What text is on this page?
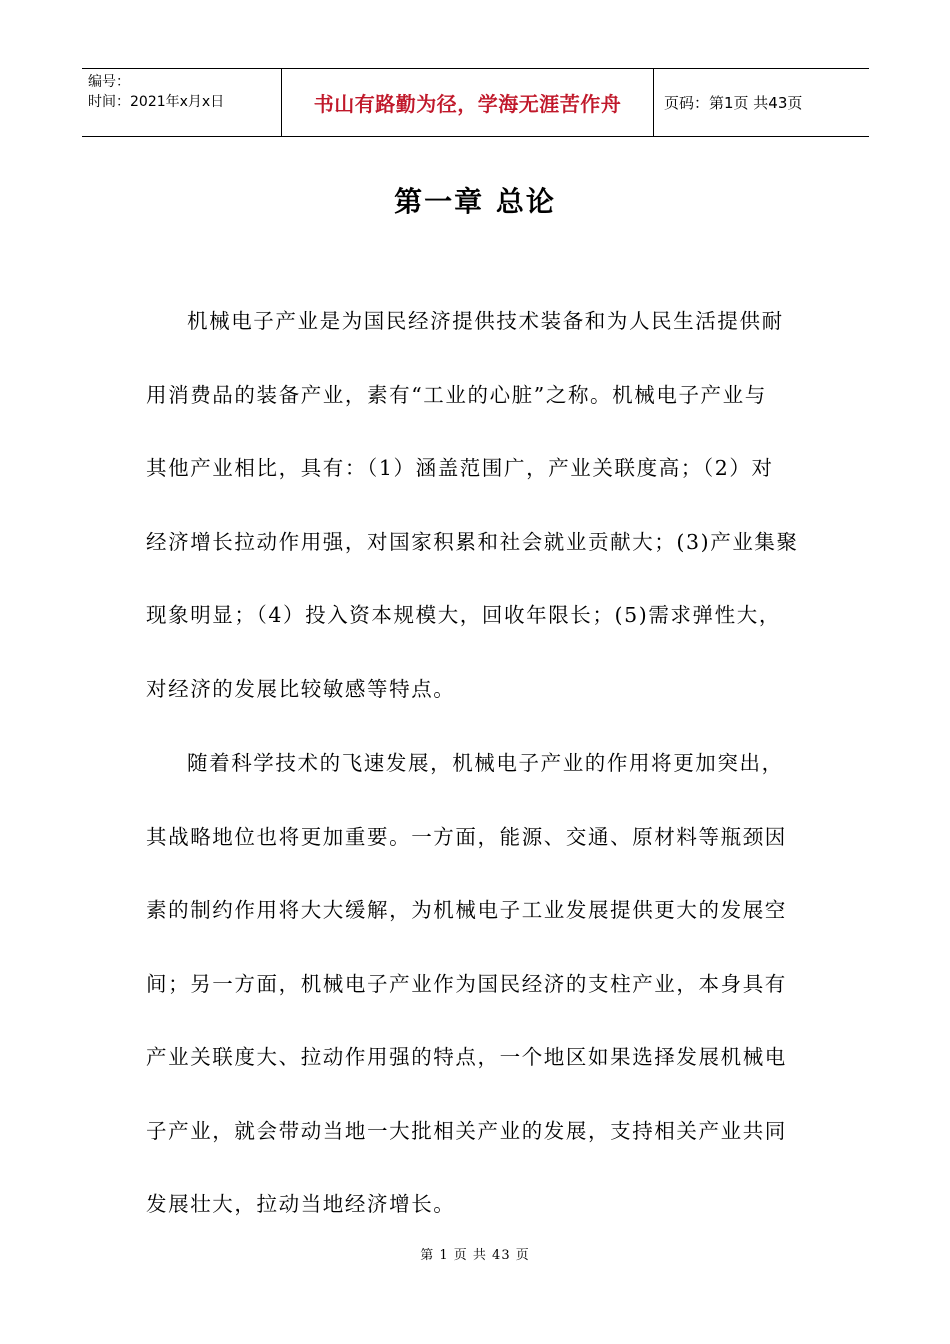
编号：
时间：2021年x月x日	书山有路勤为径，学海无涯苦作舟	页码：第1页 共43页
第一章 总论
机械电子产业是为国民经济提供技术装备和为人民生活提供耐
用消费品的装备产业，素有“工业的心脏”之称。机械电子产业与
其他产业相比，具有：（1）涵盖范围广，产业关联度高；（2）对
经济增长拉动作用强，对国家积累和社会就业贡献大；(3)产业集聚
现象明显；（4）投入资本规模大，回收年限长；(5)需求弹性大，
对经济的发展比较敏感等特点。
随着科学技术的飞速发展，机械电子产业的作用将更加突出，
其战略地位也将更加重要。一方面，能源、交通、原材料等瓶颈因
素的制约作用将大大缓解，为机械电子工业发展提供更大的发展空
间；另一方面，机械电子产业作为国民经济的支柱产业，本身具有
产业关联度大、拉动作用强的特点，一个地区如果选择发展机械电
子产业，就会带动当地一大批相关产业的发展，支持相关产业共同
发展壮大，拉动当地经济增长。
第 1 页 共 43 页
